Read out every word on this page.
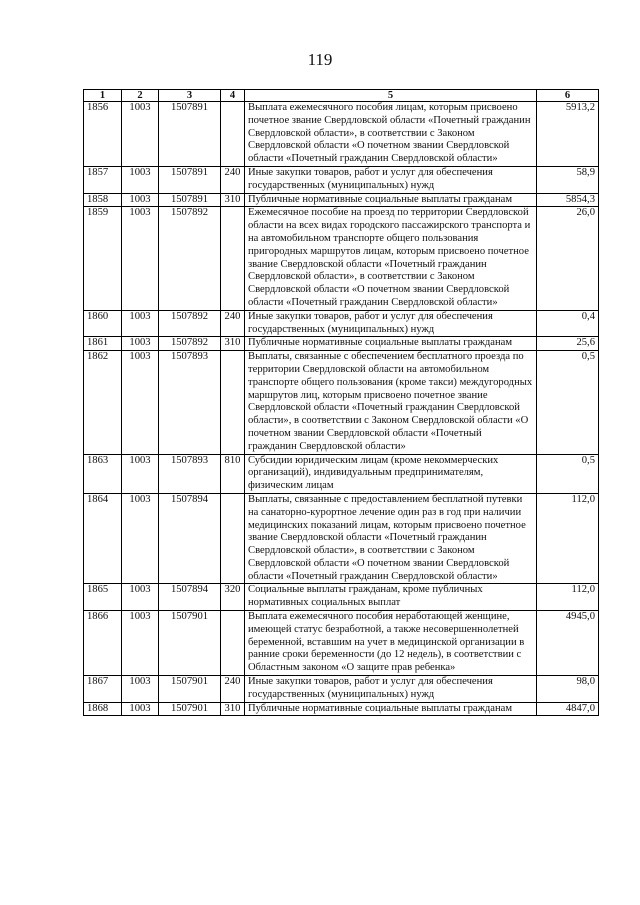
119
1	2	3	4	5	6
1856	1003	1507891		Выплата ежемесячного пособия лицам, которым присвоено почетное звание Свердловской области «Почетный гражданин Свердловской области», в соответствии с Законом Свердловской области «О почетном звании Свердловской области «Почетный гражданин Свердловской области»	5913,2
1857	1003	1507891	240	Иные закупки товаров, работ и услуг для обеспечения государственных (муниципальных) нужд	58,9
1858	1003	1507891	310	Публичные нормативные социальные выплаты гражданам	5854,3
1859	1003	1507892		Ежемесячное пособие на проезд по территории Свердловской области на всех видах городского пассажирского транспорта и на автомобильном транспорте общего пользования пригородных маршрутов лицам, которым присвоено почетное звание Свердловской области «Почетный гражданин Свердловской области», в соответствии с Законом Свердловской области «О почетном звании Свердловской области «Почетный гражданин Свердловской области»	26,0
1860	1003	1507892	240	Иные закупки товаров, работ и услуг для обеспечения государственных (муниципальных) нужд	0,4
1861	1003	1507892	310	Публичные нормативные социальные выплаты гражданам	25,6
1862	1003	1507893		Выплаты, связанные с обеспечением бесплатного проезда по территории Свердловской области на автомобильном транспорте общего пользования (кроме такси) междугородных маршрутов лиц, которым присвоено почетное звание Свердловской области «Почетный гражданин Свердловской области», в соответствии с Законом Свердловской области «О почетном звании Свердловской области «Почетный гражданин Свердловской области»	0,5
1863	1003	1507893	810	Субсидии юридическим лицам (кроме некоммерческих организаций), индивидуальным предпринимателям, физическим лицам	0,5
1864	1003	1507894		Выплаты, связанные с предоставлением бесплатной путевки на санаторно-курортное лечение один раз в год при наличии медицинских показаний лицам, которым присвоено почетное звание Свердловской области «Почетный гражданин Свердловской области», в соответствии с Законом Свердловской области «О почетном звании Свердловской области «Почетный гражданин Свердловской области»	112,0
1865	1003	1507894	320	Социальные выплаты гражданам, кроме публичных нормативных социальных выплат	112,0
1866	1003	1507901		Выплата ежемесячного пособия неработающей женщине, имеющей статус безработной, а также несовершеннолетней беременной, вставшим на учет в медицинской организации в ранние сроки беременности (до 12 недель), в соответствии с Областным законом «О защите прав ребенка»	4945,0
1867	1003	1507901	240	Иные закупки товаров, работ и услуг для обеспечения государственных (муниципальных) нужд	98,0
1868	1003	1507901	310	Публичные нормативные социальные выплаты гражданам	4847,0
